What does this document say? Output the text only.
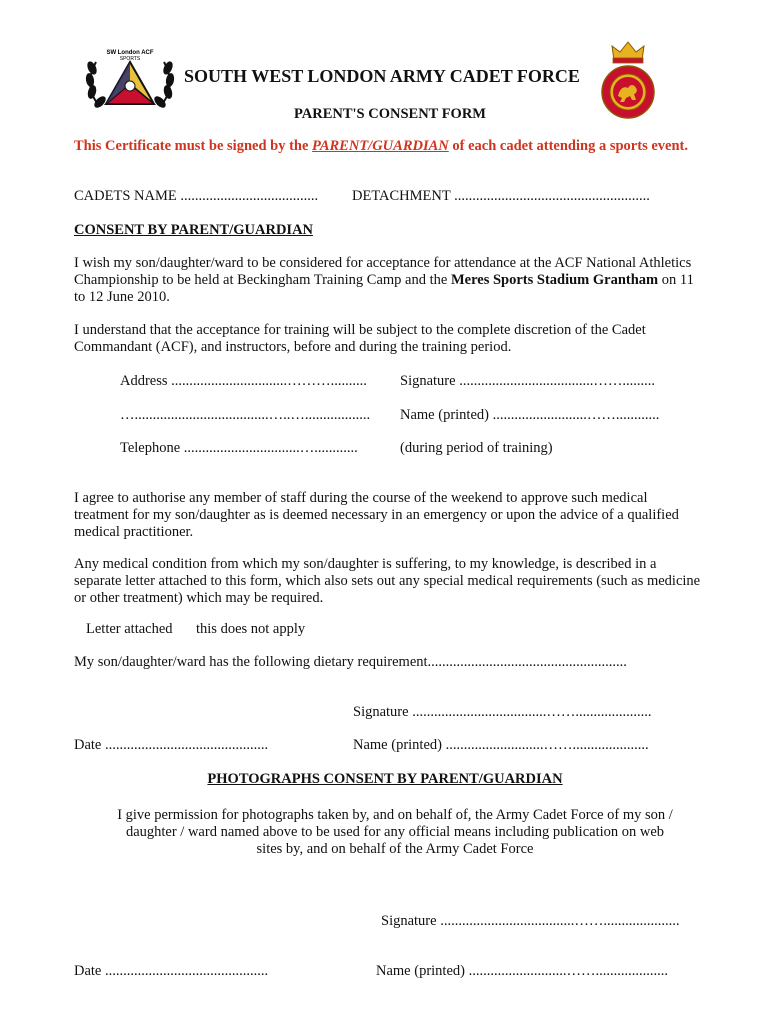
SW London ACF
SPORTS
SOUTH WEST LONDON ARMY CADET FORCE
PARENT'S CONSENT FORM
This Certificate must be signed by the PARENT/GUARDIAN of each cadet attending a sports event.
CADETS NAME ...................................... DETACHMENT ......................................................
CONSENT BY PARENT/GUARDIAN
I wish my son/daughter/ward to be considered for acceptance for attendance at the ACF National Athletics Championship to be held at Beckingham Training Camp and the Meres Sports Stadium Grantham on 11 to 12 June 2010.
I understand that the acceptance for training will be subject to the complete discretion of the Cadet Commandant (ACF), and instructors, before and during the training period.
Address ................................……….......... Signature .....................................…….........
….....................................…..….................. Name (printed) ..........................……............
Telephone ................................…............	(during period of training)
I agree to authorise any member of staff during the course of the weekend to approve such medical treatment for my son/daughter as is deemed necessary in an emergency or upon the advice of a qualified medical practitioner.
Any medical condition from which my son/daughter is suffering, to my knowledge, is described in a separate letter attached to this form, which also sets out any special medical requirements (such as medicine or other treatment) which may be required.
Letter attached this does not apply
My son/daughter/ward has the following dietary requirement.......................................................
Signature .....................................…….....................
Date .............................................	Name (printed) ...........................…….....................
PHOTOGRAPHS CONSENT BY PARENT/GUARDIAN
I give permission for photographs taken by, and on behalf of, the Army Cadet Force of my son /
daughter / ward named above to be used for any official means including publication on web
sites by, and on behalf of the Army Cadet Force
Signature .....................................…….....................
Date .............................................	Name (printed) ...........................……....................
